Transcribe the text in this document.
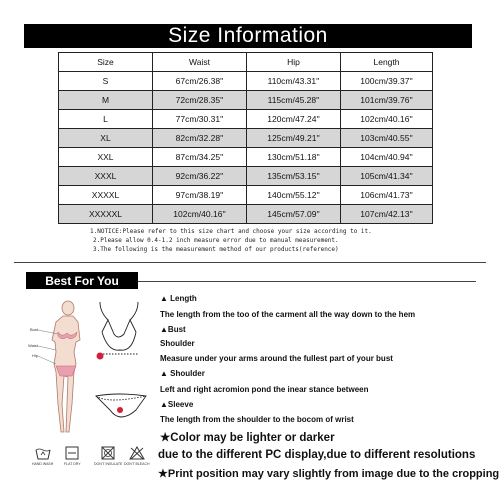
Size Information
Size	Waist	Hip	Length
S	67cm/26.38''	110cm/43.31''	100cm/39.37''
M	72cm/28.35''	115cm/45.28''	101cm/39.76''
L	77cm/30.31''	120cm/47.24''	102cm/40.16''
XL	82cm/32.28''	125cm/49.21''	103cm/40.55''
XXL	87cm/34.25''	130cm/51.18''	104cm/40.94''
XXXL	92cm/36.22''	135cm/53.15''	105cm/41.34''
XXXXL	97cm/38.19''	140cm/55.12''	106cm/41.73''
XXXXXL	102cm/40.16''	145cm/57.09''	107cm/42.13''
1.NOTICE:Please refer to this size chart and choose your size according to it.
2.Please allow 0.4-1.2 inch measure error due to manual measurement.
3.The following is the measurement method of our products(reference)
Best For You
Bust
Waist
Hip
▲ Length
The length from the too of the carment all the way down to the hem
▲Bust
Shoulder
Measure under your arms around the fullest part of your bust
▲ Shoulder
Left and right acromion pond the inear stance between
▲Sleeve
The length from the shoulder to the bocom of wrist
★Color may be lighter or darker
due to the different PC display,due to different resolutions
★Print position may vary slightly from image due to the cropping
HAND WASH	FLAT DRY	DON'T INSULATE DON'T BLEACH
